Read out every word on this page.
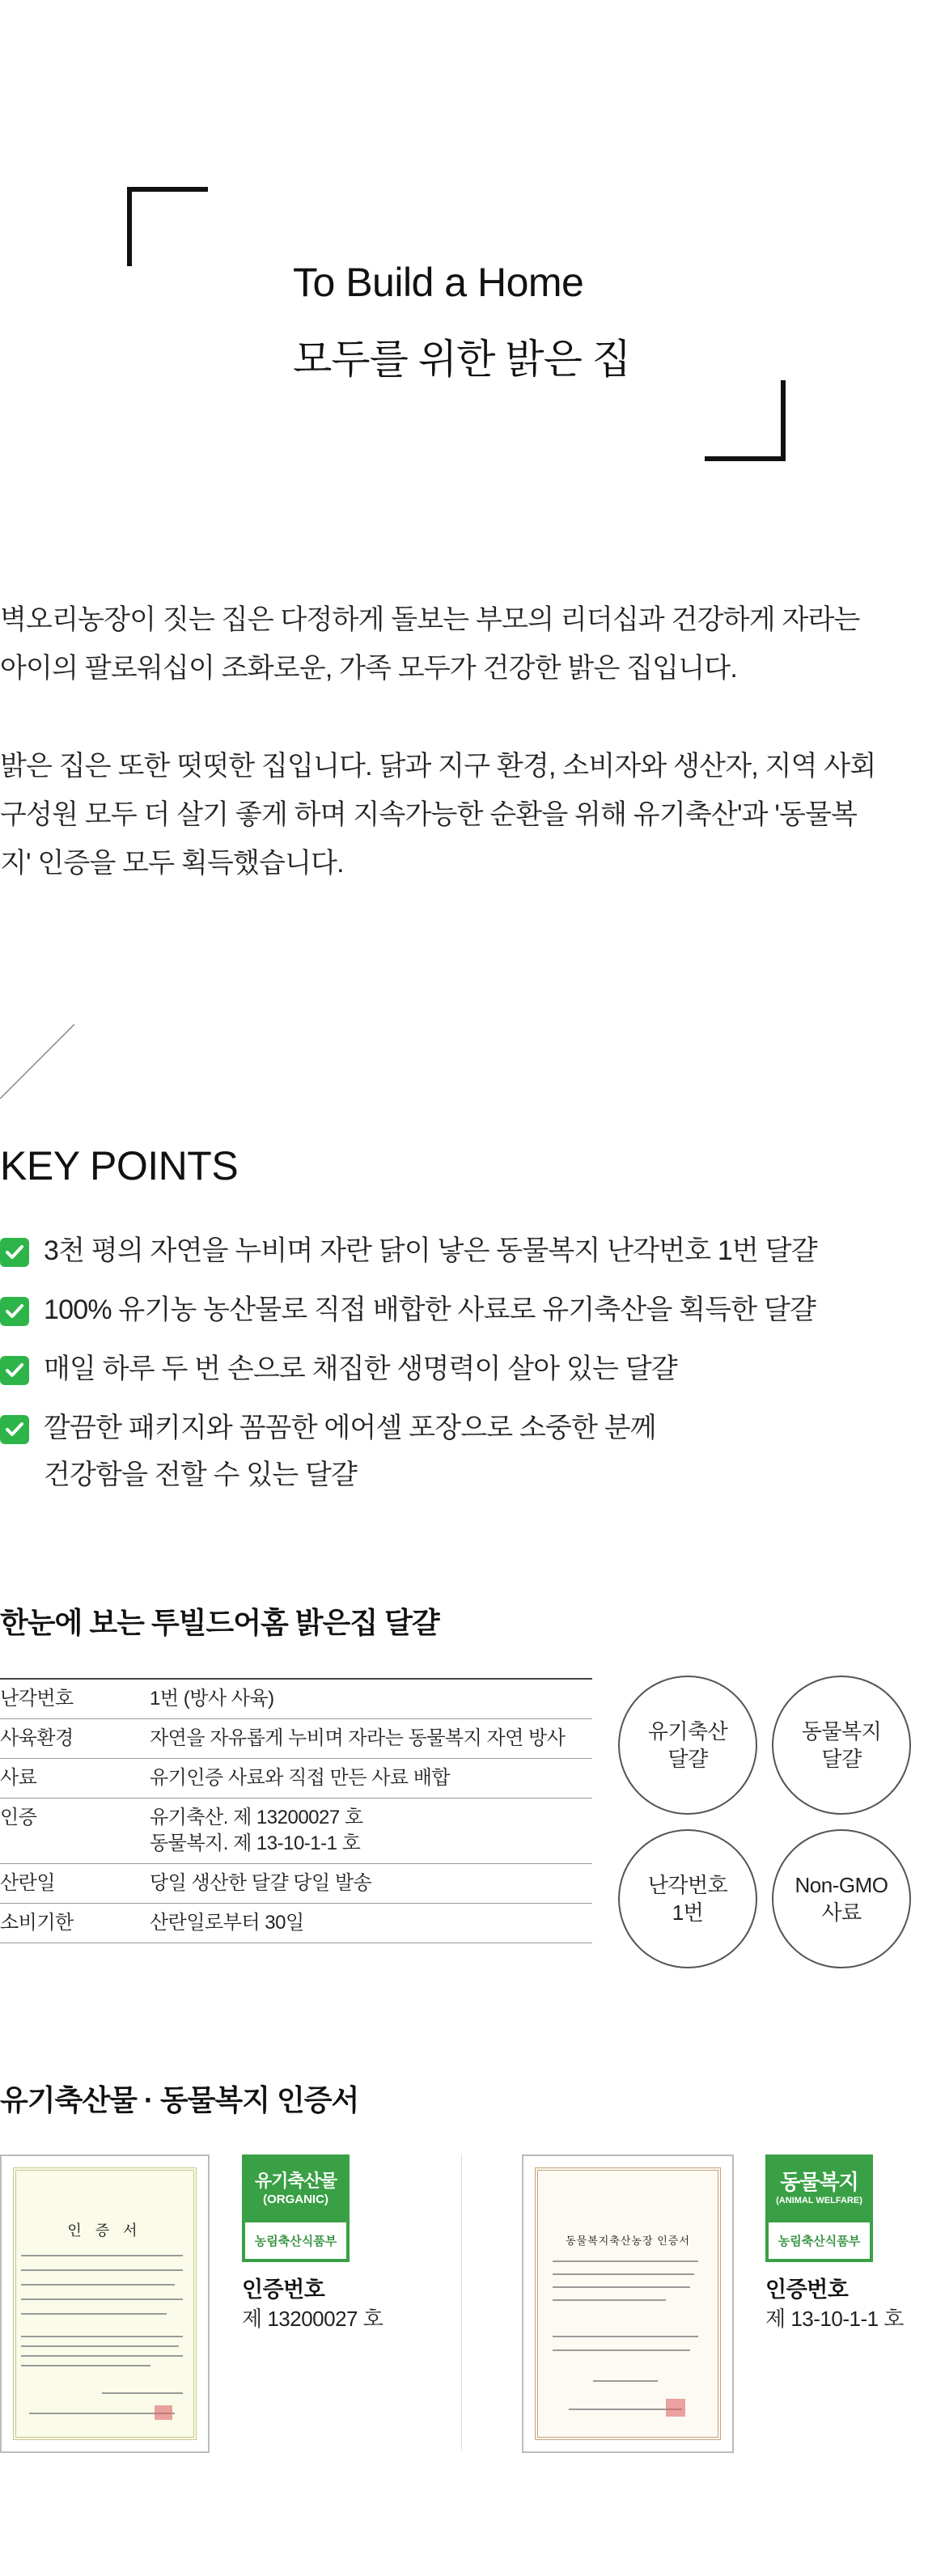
To Build a Home
모두를 위한 밝은 집

벽오리농장이 짓는 집은 다정하게 돌보는 부모의 리더십과 건강하게 자라는

아이의 팔로워십이 조화로운, 가족 모두가 건강한 밝은 집입니다.

밝은 집은 또한 떳떳한 집입니다. 닭과 지구 환경, 소비자와 생산자, 지역 사회

구성원 모두 더 살기 좋게 하며 지속가능한 순환을 위해 유기축산'과 '동물복

지' 인증을 모두 획득했습니다.

KEY POINTS
3천 평의 자연을 누비며 자란 닭이 낳은 동물복지 난각번호 1번 달걀
100% 유기농 농산물로 직접 배합한 사료로 유기축산을 획득한 달걀
매일 하루 두 번 손으로 채집한 생명력이 살아 있는 달걀
깔끔한 패키지와 꼼꼼한 에어셀 포장으로 소중한 분께
건강함을 전할 수 있는 달걀
한눈에 보는 투빌드어홈 밝은집 달걀
난각번호	1번 (방사 사육)
사육환경	자연을 자유롭게 누비며 자라는 동물복지 자연 방사
사료	유기인증 사료와 직접 만든 사료 배합
인증	유기축산. 제 13200027 호
동물복지. 제 13-10-1-1 호

산란일	당일 생산한 달걀 당일 발송
소비기한	산란일로부터 30일
유기축산
달걀
동물복지
달걀
난각번호
1번
Non-GMO
사료
유기축산물 · 동물복지 인증서
인 증 서
유기축산물
(ORGANIC)
농림축산식품부
인증번호
제 13200027 호
동물복지축산농장 인증서
동물복지
(ANIMAL WELFARE)
농림축산식품부
인증번호
제 13-10-1-1 호
